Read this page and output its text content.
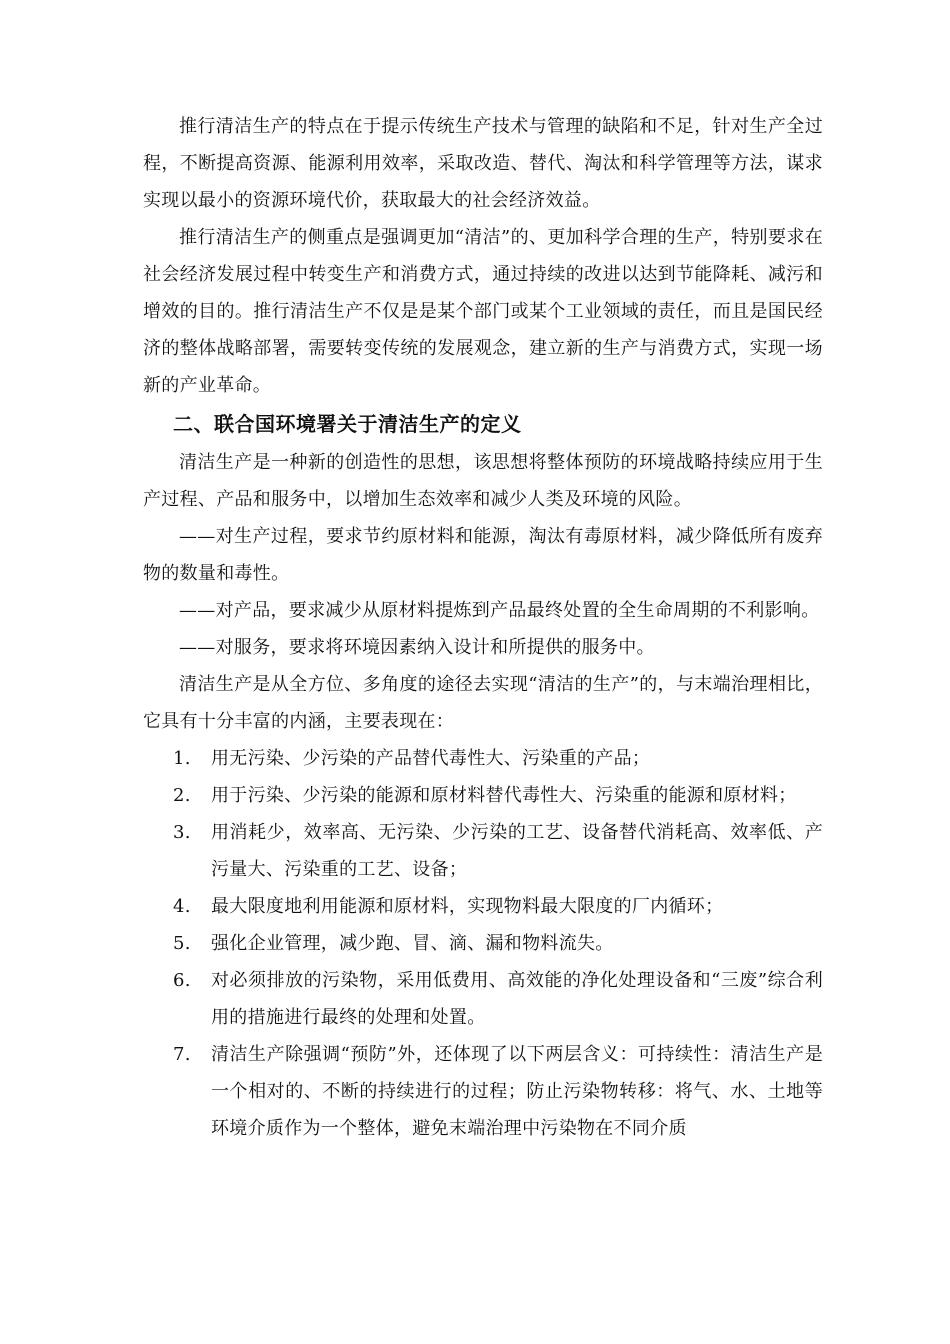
推行清洁生产的特点在于提示传统生产技术与管理的缺陷和不足，针对生产全过程，不断提高资源、能源利用效率，采取改造、替代、淘汰和科学管理等方法，谋求实现以最小的资源环境代价，获取最大的社会经济效益。

推行清洁生产的侧重点是强调更加“清洁”的、更加科学合理的生产，特别要求在社会经济发展过程中转变生产和消费方式，通过持续的改进以达到节能降耗、减污和增效的目的。推行清洁生产不仅是是某个部门或某个工业领域的责任，而且是国民经济的整体战略部署，需要转变传统的发展观念，建立新的生产与消费方式，实现一场新的产业革命。

二、联合国环境署关于清洁生产的定义

清洁生产是一种新的创造性的思想，该思想将整体预防的环境战略持续应用于生产过程、产品和服务中，以增加生态效率和减少人类及环境的风险。

——对生产过程，要求节约原材料和能源，淘汰有毒原材料，减少降低所有废弃物的数量和毒性。

——对产品，要求减少从原材料提炼到产品最终处置的全生命周期的不利影响。

——对服务，要求将环境因素纳入设计和所提供的服务中。

清洁生产是从全方位、多角度的途径去实现“清洁的生产”的，与末端治理相比，它具有十分丰富的内涵，主要表现在：

1.	用无污染、少污染的产品替代毒性大、污染重的产品；
2.	用于污染、少污染的能源和原材料替代毒性大、污染重的能源和原材料；
3.	用消耗少，效率高、无污染、少污染的工艺、设备替代消耗高、效率低、产污量大、污染重的工艺、设备；
4.	最大限度地利用能源和原材料，实现物料最大限度的厂内循环；
5.	强化企业管理，减少跑、冒、滴、漏和物料流失。
6.	对必须排放的污染物，采用低费用、高效能的净化处理设备和“三废”综合利用的措施进行最终的处理和处置。
7.	清洁生产除强调“预防”外，还体现了以下两层含义：可持续性：清洁生产是一个相对的、不断的持续进行的过程；防止污染物转移：将气、水、土地等环境介质作为一个整体，避免末端治理中污染物在不同介质
